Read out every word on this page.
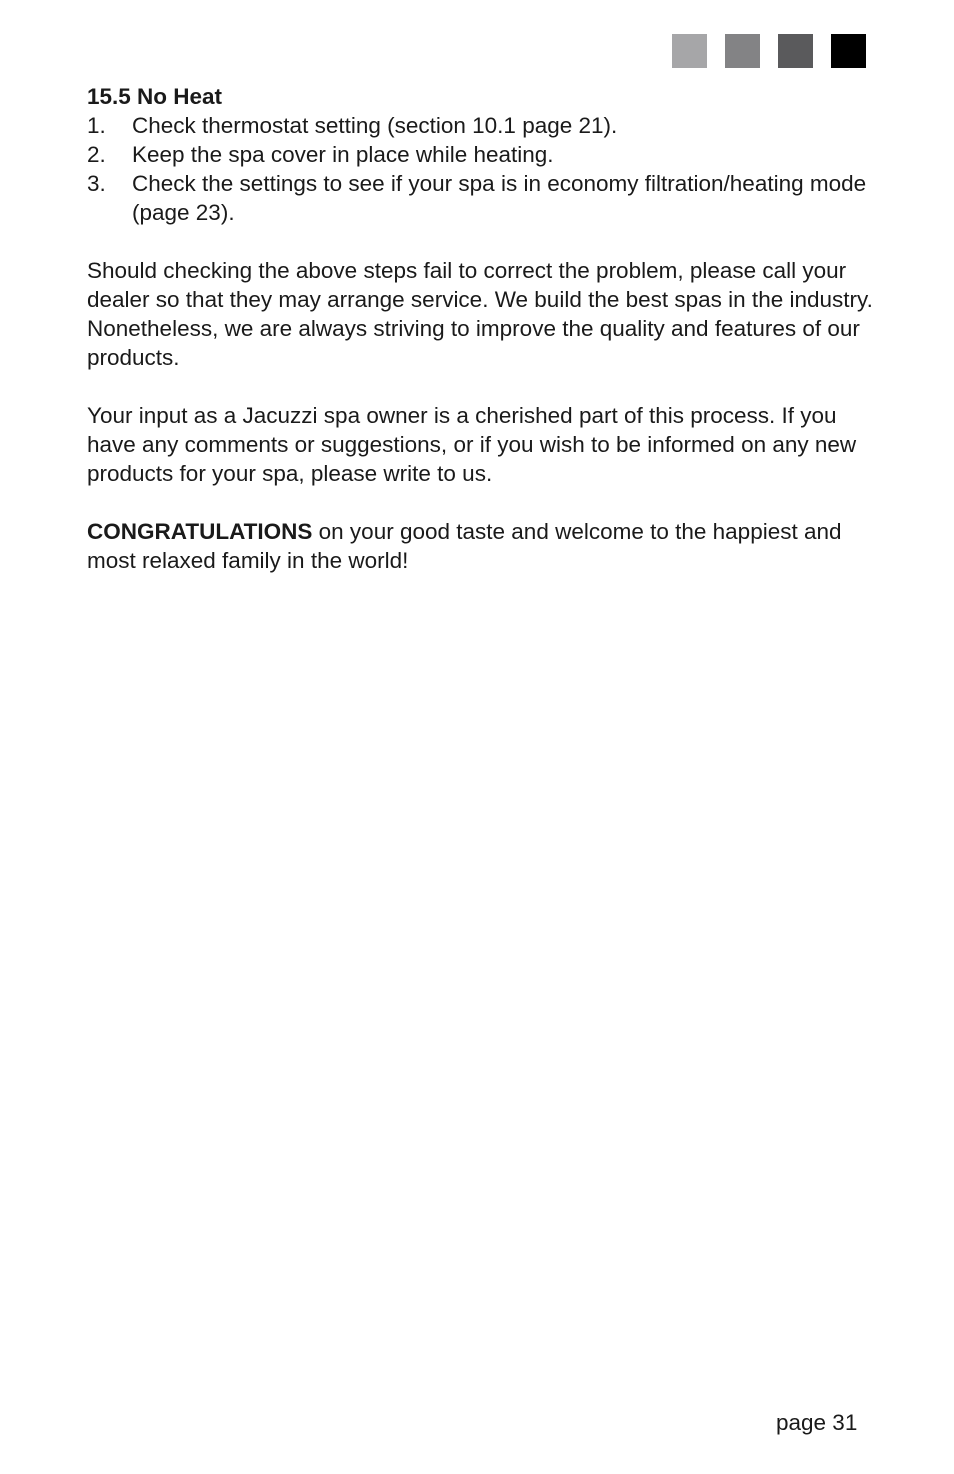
15.5 No Heat

1.	Check thermostat setting (section 10.1 page 21).
2.	Keep the spa cover in place while heating.
3.	Check the settings to see if your spa is in economy filtration/heating mode (page 23).

Should checking the above steps fail to correct the problem, please call your dealer so that they may arrange service. We build the best spas in the industry. Nonetheless, we are always striving to improve the quality and features of our products.

Your input as a Jacuzzi spa owner is a cherished part of this process. If you have any comments or suggestions, or if you wish to be informed on any new products for your spa, please write to us.

CONGRATULATIONS on your good taste and welcome to the happiest and most relaxed family in the world!

page 31
